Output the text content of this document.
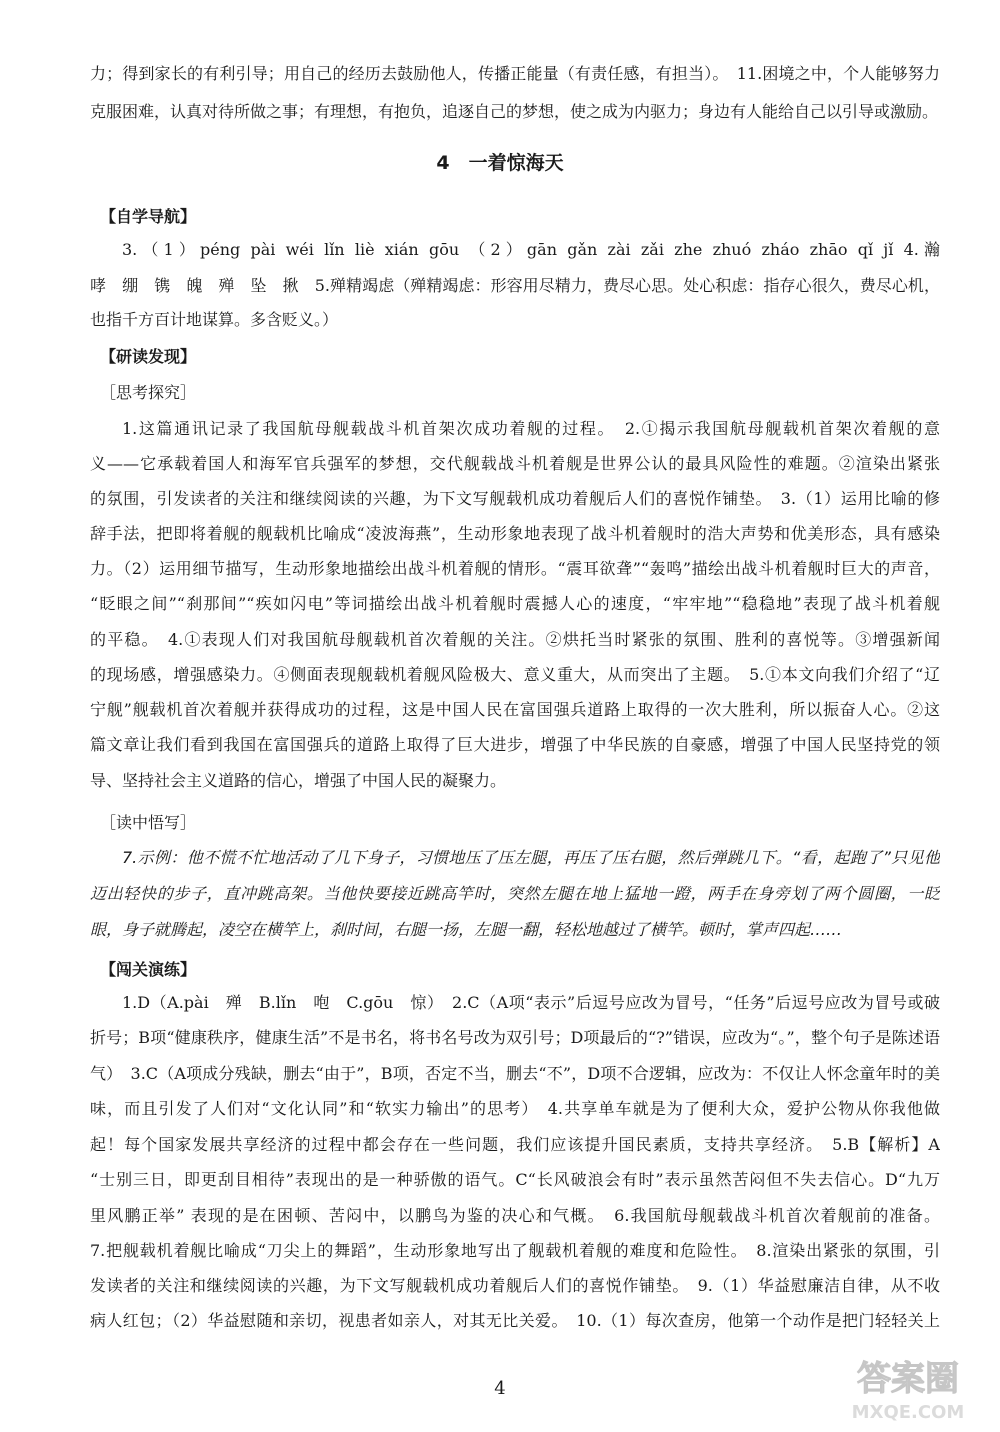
力；得到家长的有利引导；用自己的经历去鼓励他人，传播正能量（有责任感，有担当）。　11.困境之中，个人能够努力
克服困难，认真对待所做之事；有理想，有抱负，追逐自己的梦想，使之成为内驱力；身边有人能给自己以引导或激励。
4　一着惊海天
【自学导航】
3.（1）péng pài wéi lǐn liè xián gōu （2）gān gǎn zài zǎi zhe zhuó zháo zhāo qǐ jǐ 4.瀚
哮　绷　镌　魄　殚　坠　揪　5.殚精竭虑（殚精竭虑：形容用尽精力，费尽心思。处心积虑：指存心很久，费尽心机，
也指千方百计地谋算。多含贬义。）
【研读发现】
［思考探究］
1.这篇通讯记录了我国航母舰载战斗机首架次成功着舰的过程。　2.①揭示我国航母舰载机首架次着舰的意
义——它承载着国人和海军官兵强军的梦想，交代舰载战斗机着舰是世界公认的最具风险性的难题。②渲染出紧张
的氛围，引发读者的关注和继续阅读的兴趣，为下文写舰载机成功着舰后人们的喜悦作铺垫。　3.（1）运用比喻的修
辞手法，把即将着舰的舰载机比喻成“凌波海燕”，生动形象地表现了战斗机着舰时的浩大声势和优美形态，具有感染
力。（2）运用细节描写，生动形象地描绘出战斗机着舰的情形。“震耳欲聋”“轰鸣”描绘出战斗机着舰时巨大的声音，
“眨眼之间”“刹那间”“疾如闪电”等词描绘出战斗机着舰时震撼人心的速度，“牢牢地”“稳稳地”表现了战斗机着舰
的平稳。　4.①表现人们对我国航母舰载机首次着舰的关注。②烘托当时紧张的氛围、胜利的喜悦等。③增强新闻
的现场感，增强感染力。④侧面表现舰载机着舰风险极大、意义重大，从而突出了主题。　5.①本文向我们介绍了“辽
宁舰”舰载机首次着舰并获得成功的过程，这是中国人民在富国强兵道路上取得的一次大胜利，所以振奋人心。②这
篇文章让我们看到我国在富国强兵的道路上取得了巨大进步，增强了中华民族的自豪感，增强了中国人民坚持党的领
导、坚持社会主义道路的信心，增强了中国人民的凝聚力。
［读中悟写］
7.示例：他不慌不忙地活动了几下身子，习惯地压了压左腿，再压了压右腿，然后弹跳几下。“看，起跑了”只见他
迈出轻快的步子，直冲跳高架。当他快要接近跳高竿时，突然左腿在地上猛地一蹬，两手在身旁划了两个圆圈，一眨
眼，身子就腾起，凌空在横竿上，刹时间，右腿一扬，左腿一翻，轻松地越过了横竿。顿时，掌声四起……
【闯关演练】
1.D（A.pài　殚　B.lǐn　咆　C.gōu　惊）　2.C（A项“表示”后逗号应改为冒号，“任务”后逗号应改为冒号或破
折号；B项“健康秩序，健康生活”不是书名，将书名号改为双引号；D项最后的“?”错误，应改为“。”，整个句子是陈述语
气）　3.C（A项成分残缺，删去“由于”，B项，否定不当，删去“不”，D项不合逻辑，应改为：不仅让人怀念童年时的美
味，而且引发了人们对“文化认同”和“软实力输出”的思考）　4.共享单车就是为了便利大众，爱护公物从你我他做
起！每个国家发展共享经济的过程中都会存在一些问题，我们应该提升国民素质，支持共享经济。　5.B【解析】A
“士别三日，即更刮目相待”表现出的是一种骄傲的语气。C“长风破浪会有时”表示虽然苦闷但不失去信心。D“九万
里风鹏正举” 表现的是在困顿、苦闷中，以鹏鸟为鉴的决心和气概。　6.我国航母舰载战斗机首次着舰前的准备。
7.把舰载机着舰比喻成“刀尖上的舞蹈”，生动形象地写出了舰载机着舰的难度和危险性。　8.渲染出紧张的氛围，引
发读者的关注和继续阅读的兴趣，为下文写舰载机成功着舰后人们的喜悦作铺垫。　9.（1）华益慰廉洁自律，从不收
病人红包；（2）华益慰随和亲切，视患者如亲人，对其无比关爱。　10.（1）每次查房，他第一个动作是把门轻轻关上
4	答案圈
MXQE.COM
